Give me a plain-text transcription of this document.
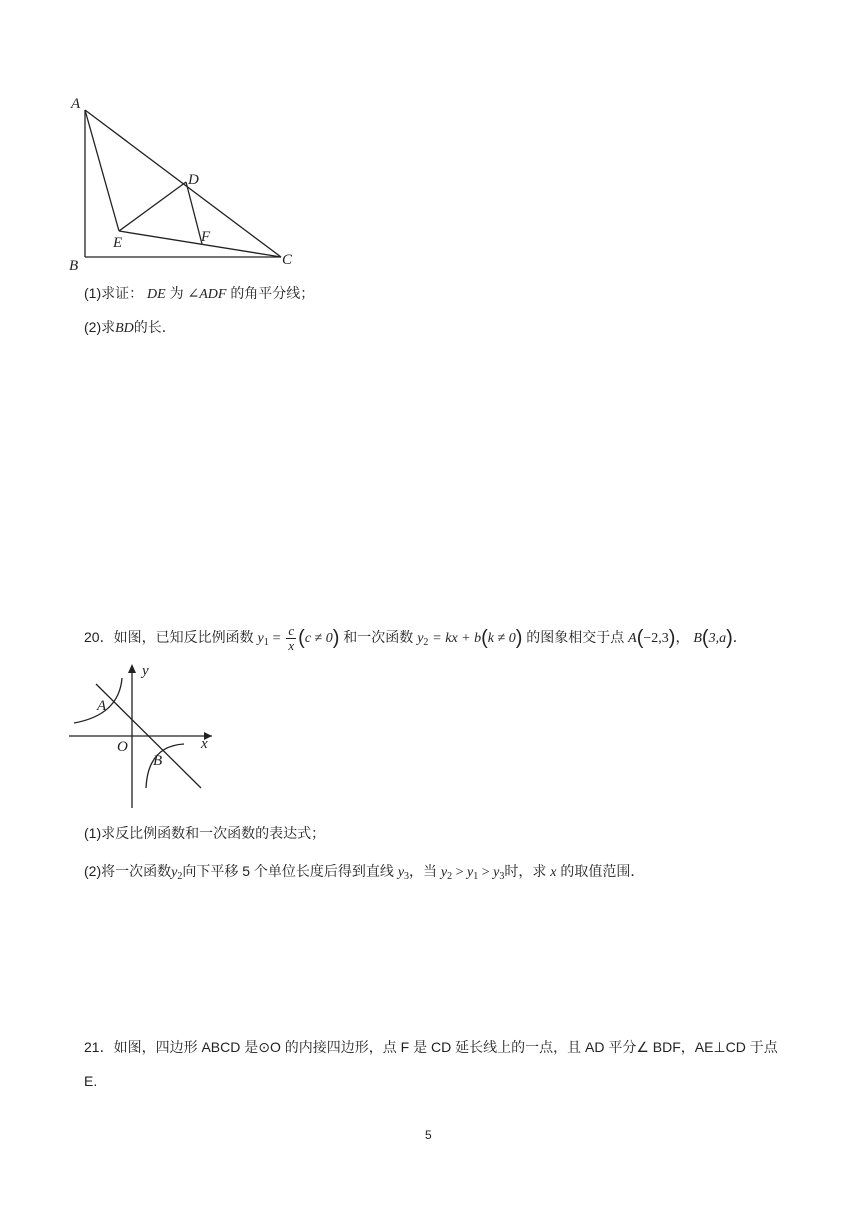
A
B	C
D
E	F
(1)求证： DE 为 ∠ADF 的角平分线；
(2)求BD的长．
20．如图，已知反比例函数 $y_1 = \frac{c}{x} (c \ne 0)$ 和一次函数 $y_2$ = kx + b(k ≠ 0) 的图象相交于点 A(−2,3)， B(3,a)．
y
x
O
A
B
(1)求反比例函数和一次函数的表达式；
(2)将一次函数$y_2$向下平移 5 个单位长度后得到直线 $y_3$，当 $y_2 > y_1 > y_3$时，求 x 的取值范围．
21．如图，四边形 ABCD 是⊙O 的内接四边形，点 F 是 CD 延长线上的一点，且 AD 平分∠ BDF，AE⊥CD 于点
E.
5
